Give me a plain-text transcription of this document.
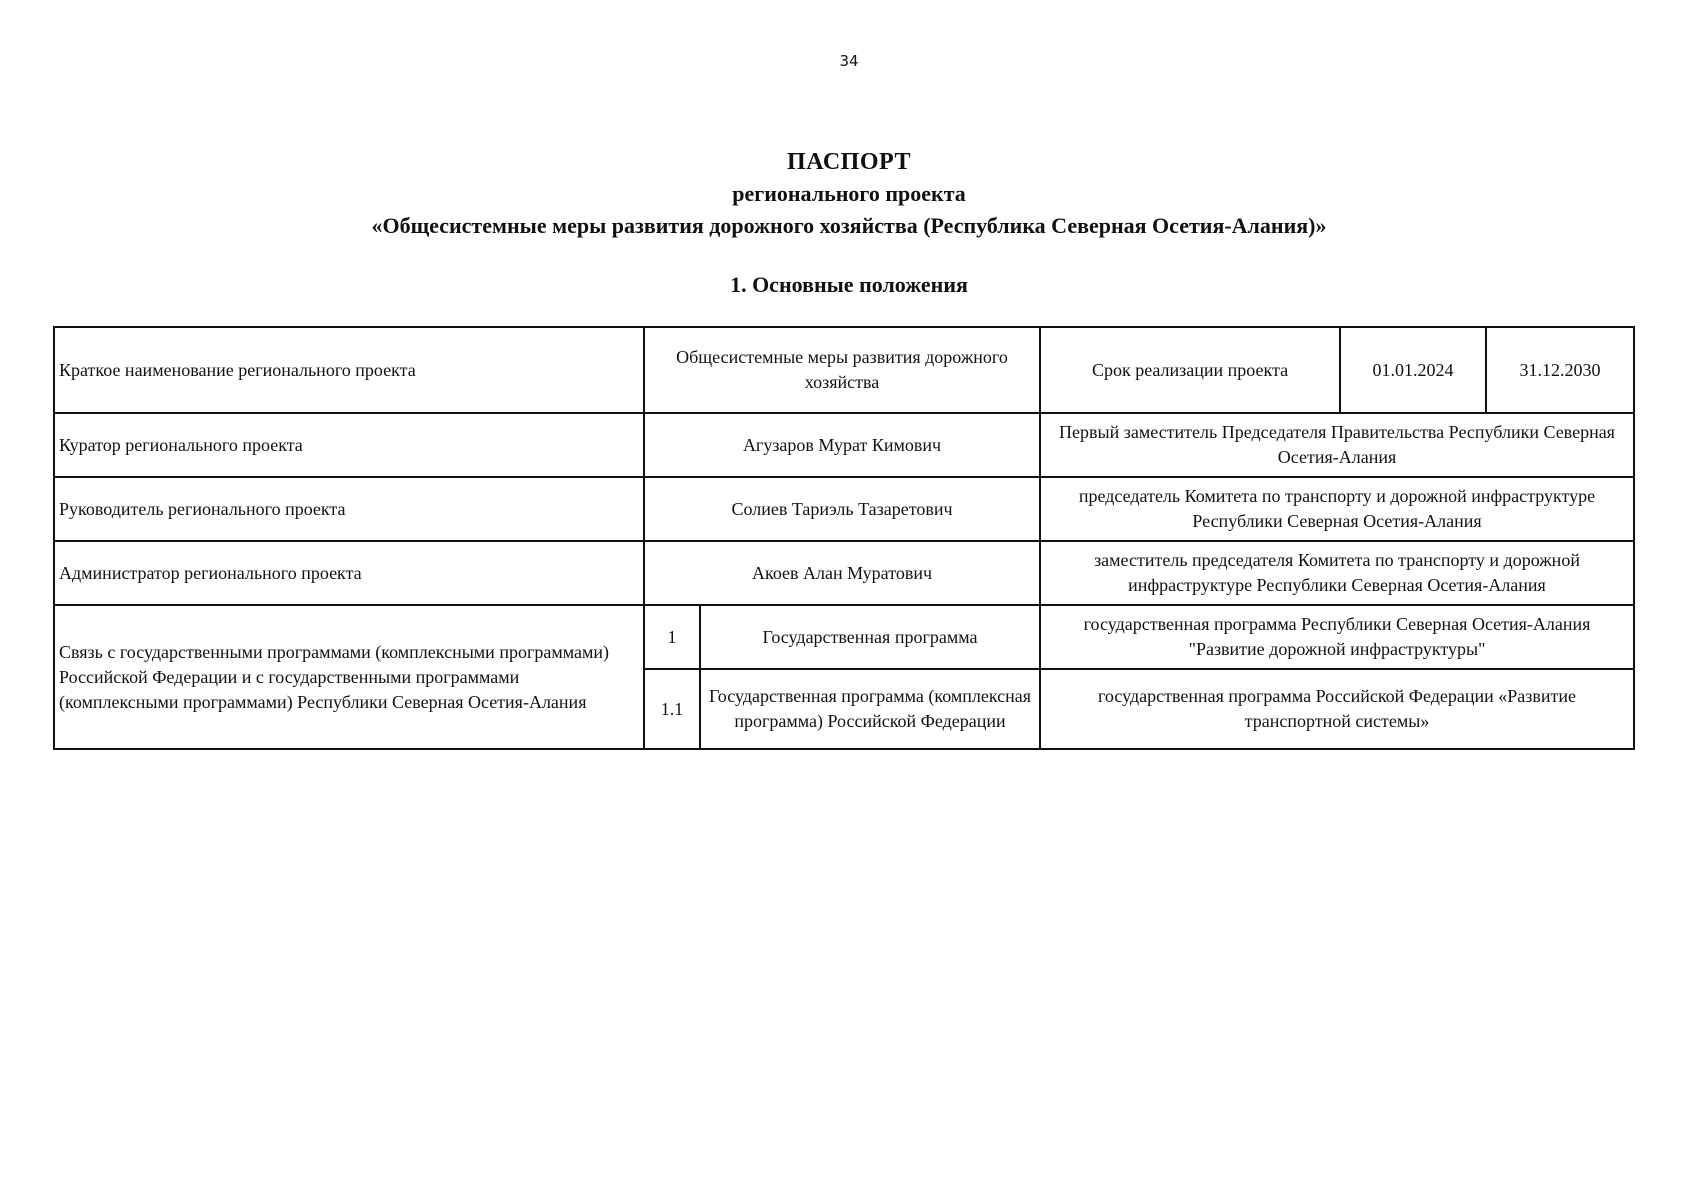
34
ПАСПОРТ
регионального проекта
«Общесистемные меры развития дорожного хозяйства (Республика Северная Осетия-Алания)»
1. Основные положения
Краткое наименование регионального проекта	Общесистемные меры развития дорожного хозяйства		Срок реализации проекта	01.01.2024	31.12.2030
Куратор регионального проекта	Агузаров Мурат Кимович		Первый заместитель Председателя Правительства Республики Северная Осетия-Алания		
Руководитель регионального проекта	Солиев Тариэль Тазаретович		председатель Комитета по транспорту и дорожной инфраструктуре Республики Северная Осетия-Алания		
Администратор регионального проекта	Акоев Алан Муратович		заместитель председателя Комитета по транспорту и дорожной инфраструктуре Республики Северная Осетия-Алания		
Связь с государственными программами (комплексными программами) Российской Федерации и с государственными программами (комплексными программами) Республики Северная Осетия-Алания	1	Государственная программа	государственная программа Республики Северная Осетия-Алания "Развитие дорожной инфраструктуры"		
	1.1	Государственная программа (комплексная программа) Российской Федерации	государственная программа Российской Федерации «Развитие транспортной системы»		
